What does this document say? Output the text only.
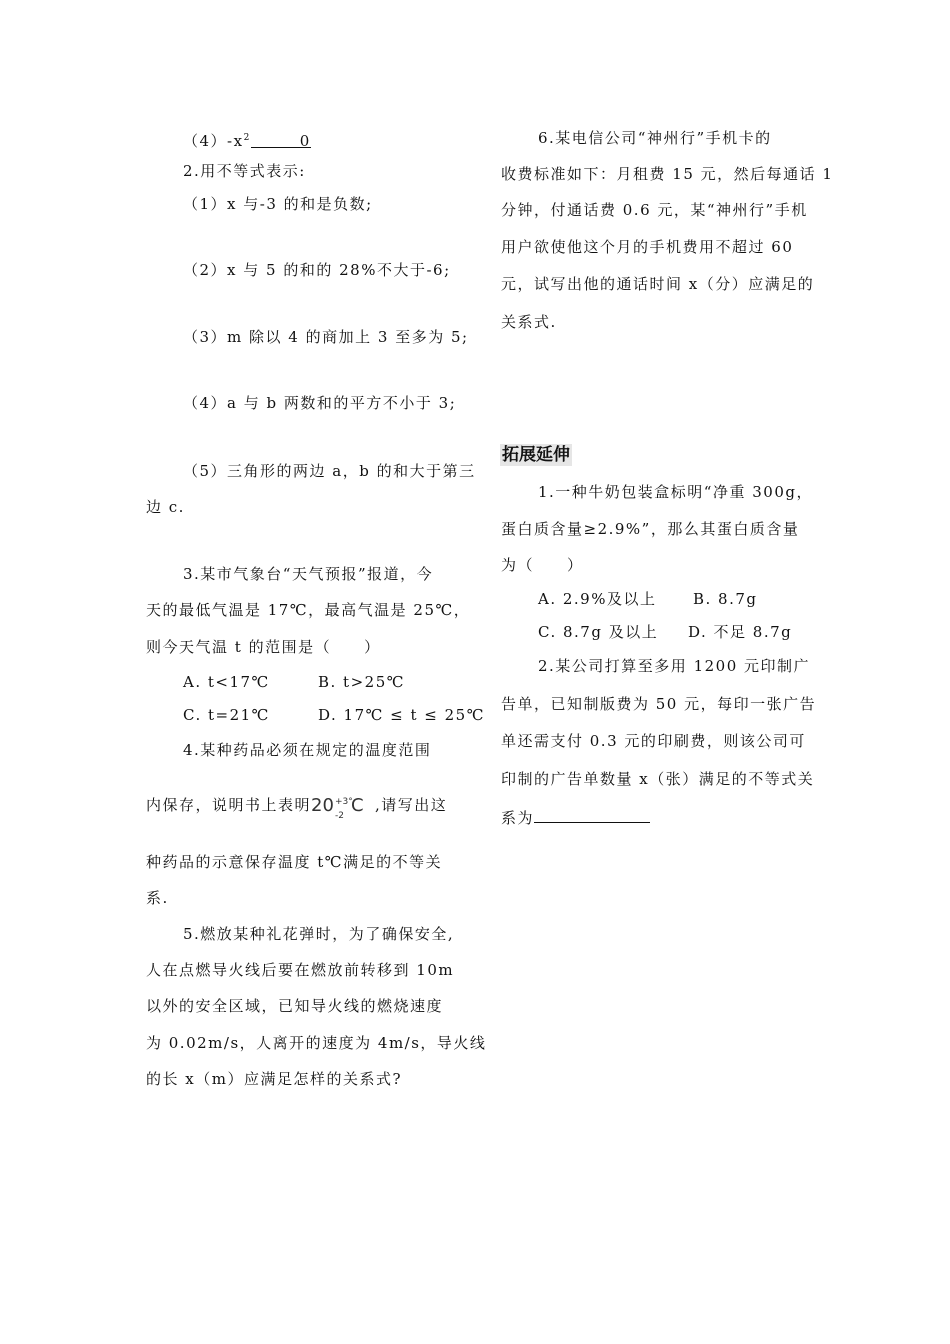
$(4)-x^2$	0
2.用不等式表示:
（1）x 与-3 的和是负数;
（2）x 与 5 的和的 28%不大于-6;
（3）m 除以 4 的商加上 3 至多为 5;
（4）a 与 b 两数和的平方不小于 3;
（5）三角形的两边 a，b 的和大于第三
边 c.
3.某市气象台“天气预报”报道，今
天的最低气温是 17℃，最高气温是 25℃，
则今天气温 t 的范围是（　　）
A. t<17℃	B. t>25℃
C. t=21℃	D. 17℃ ≤ t ≤ 25℃
4.某种药品必须在规定的温度范围
内保存，说明书上表明 20 +3°
-2 C ,请写出这
种药品的示意保存温度 t℃满足的不等关
系.
5.燃放某种礼花弹时，为了确保安全,
人在点燃导火线后要在燃放前转移到 10m
以外的安全区域，已知导火线的燃烧速度
为 0.02m/s，人离开的速度为 4m/s，导火线
的长 x（m）应满足怎样的关系式?
6.某电信公司“神州行”手机卡的
收费标准如下：月租费 15 元，然后每通话 1
分钟，付通话费 0.6 元，某“神州行”手机
用户欲使他这个月的手机费用不超过 60
元，试写出他的通话时间 x（分）应满足的
关系式.
拓展延伸
1.一种牛奶包装盒标明“净重 300g，
蛋白质含量≥2.9%”，那么其蛋白质含量
为（　　）
A. 2.9%及以上 B. 8.7g
C. 8.7g 及以上 D. 不足 8.7g
2.某公司打算至多用 1200 元印制广
告单，已知制版费为 50 元，每印一张广告
单还需支付 0.3 元的印刷费，则该公司可
印制的广告单数量 x（张）满足的不等式关
系为
